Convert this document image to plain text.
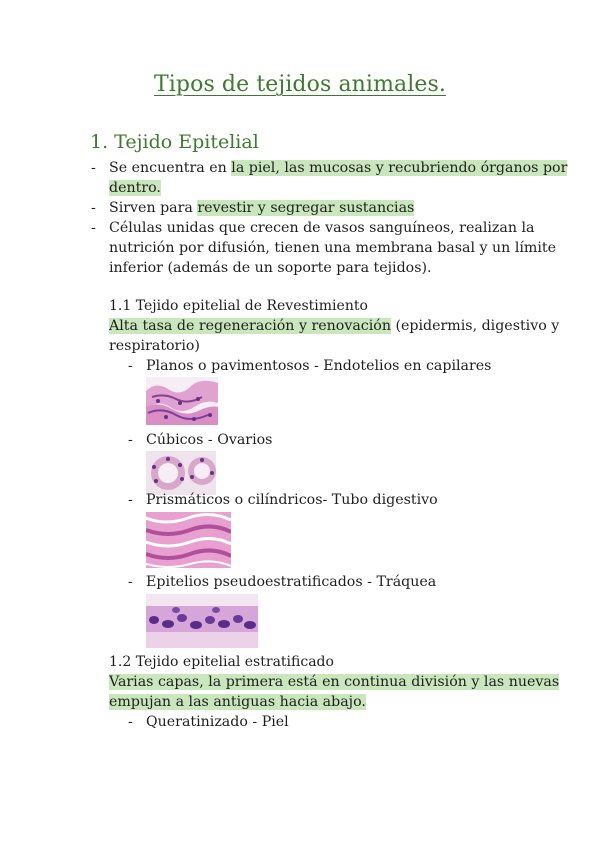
Tipos de tejidos animales.
1. Tejido Epitelial
- Se encuentra en la piel, las mucosas y recubriendo órganos por
dentro.
- Sirven para revestir y segregar sustancias
- Células unidas que crecen de vasos sanguíneos, realizan la
nutrición por difusión, tienen una membrana basal y un límite
inferior (además de un soporte para tejidos).
1.1 Tejido epitelial de Revestimiento
Alta tasa de regeneración y renovación (epidermis, digestivo y
respiratorio)
- Planos o pavimentosos - Endotelios en capilares
- Cúbicos - Ovarios
- Prismáticos o cilíndricos- Tubo digestivo
- Epitelios pseudoestratificados - Tráquea
1.2 Tejido epitelial estratificado
Varias capas, la primera está en continua división y las nuevas
empujan a las antiguas hacia abajo.
- Queratinizado - Piel
